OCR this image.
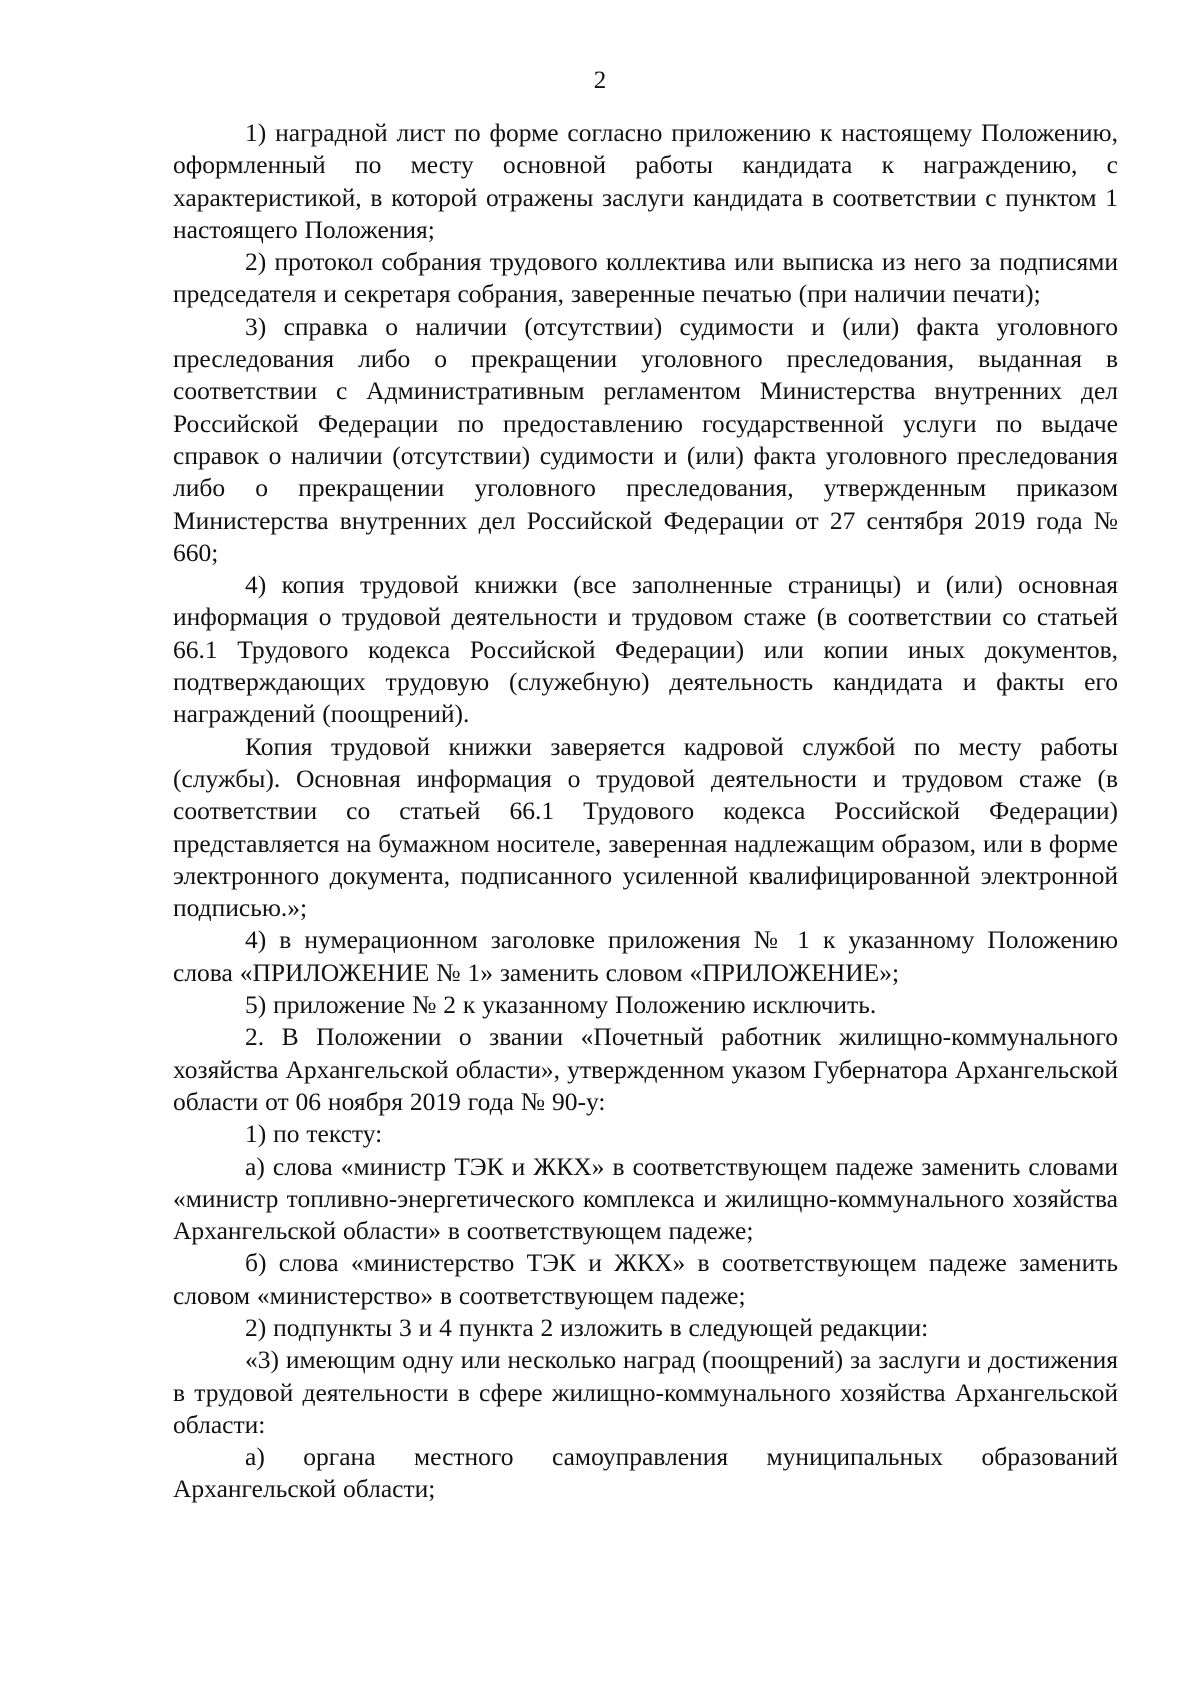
2

1) наградной лист по форме согласно приложению к настоящему Положению, оформленный по месту основной работы кандидата к награждению, с характеристикой, в которой отражены заслуги кандидата в соответствии с пунктом 1 настоящего Положения;

2) протокол собрания трудового коллектива или выписка из него за подписями председателя и секретаря собрания, заверенные печатью (при наличии печати);

3) справка о наличии (отсутствии) судимости и (или) факта уголовного преследования либо о прекращении уголовного преследования, выданная в соответствии с Административным регламентом Министерства внутренних дел Российской Федерации по предоставлению государственной услуги по выдаче справок о наличии (отсутствии) судимости и (или) факта уголовного преследования либо о прекращении уголовного преследования, утвержденным приказом Министерства внутренних дел Российской Федерации от 27 сентября 2019 года № 660;

4) копия трудовой книжки (все заполненные страницы) и (или) основная информация о трудовой деятельности и трудовом стаже (в соответствии со статьей 66.1 Трудового кодекса Российской Федерации) или копии иных документов, подтверждающих трудовую (служебную) деятельность кандидата и факты его награждений (поощрений).

Копия трудовой книжки заверяется кадровой службой по месту работы (службы). Основная информация о трудовой деятельности и трудовом стаже (в соответствии со статьей 66.1 Трудового кодекса Российской Федерации) представляется на бумажном носителе, заверенная надлежащим образом, или в форме электронного документа, подписанного усиленной квалифицированной электронной подписью.»;

4) в нумерационном заголовке приложения № 1 к указанному Положению слова «ПРИЛОЖЕНИЕ № 1» заменить словом «ПРИЛОЖЕНИЕ»;

5) приложение № 2 к указанному Положению исключить.

2. В Положении о звании «Почетный работник жилищно-коммунального хозяйства Архангельской области», утвержденном указом Губернатора Архангельской области от 06 ноября 2019 года № 90-у:

1) по тексту:

а) слова «министр ТЭК и ЖКХ» в соответствующем падеже заменить словами «министр топливно-энергетического комплекса и жилищно-коммунального хозяйства Архангельской области» в соответствующем падеже;

б) слова «министерство ТЭК и ЖКХ» в соответствующем падеже заменить словом «министерство» в соответствующем падеже;

2) подпункты 3 и 4 пункта 2 изложить в следующей редакции:

«3) имеющим одну или несколько наград (поощрений) за заслуги и достижения в трудовой деятельности в сфере жилищно-коммунального хозяйства Архангельской области:

а) органа местного самоуправления муниципальных образований Архангельской области;
